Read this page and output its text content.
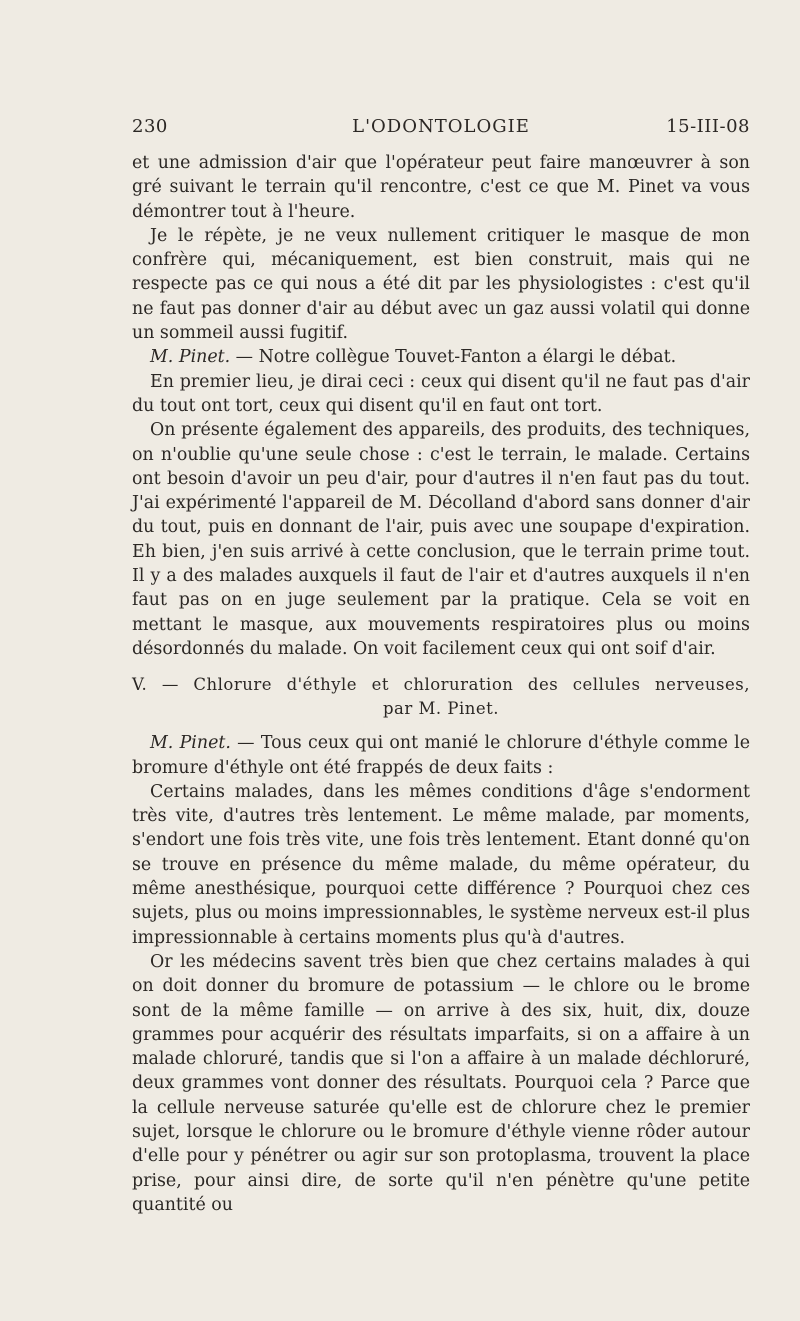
230	L'ODONTOLOGIE	15-III-08

et une admission d'air que l'opérateur peut faire manœuvrer à son gré suivant le terrain qu'il rencontre, c'est ce que M. Pinet va vous démontrer tout à l'heure.

Je le répète, je ne veux nullement critiquer le masque de mon confrère qui, mécaniquement, est bien construit, mais qui ne respecte pas ce qui nous a été dit par les physiologistes : c'est qu'il ne faut pas donner d'air au début avec un gaz aussi volatil qui donne un sommeil aussi fugitif.

M. Pinet. — Notre collègue Touvet-Fanton a élargi le débat.

En premier lieu, je dirai ceci : ceux qui disent qu'il ne faut pas d'air du tout ont tort, ceux qui disent qu'il en faut ont tort.

On présente également des appareils, des produits, des techniques, on n'oublie qu'une seule chose : c'est le terrain, le malade. Certains ont besoin d'avoir un peu d'air, pour d'autres il n'en faut pas du tout. J'ai expérimenté l'appareil de M. Décolland d'abord sans donner d'air du tout, puis en donnant de l'air, puis avec une soupape d'expiration. Eh bien, j'en suis arrivé à cette conclusion, que le terrain prime tout. Il y a des malades auxquels il faut de l'air et d'autres auxquels il n'en faut pas on en juge seulement par la pratique. Cela se voit en mettant le masque, aux mouvements respiratoires plus ou moins désordonnés du malade. On voit facilement ceux qui ont soif d'air.

V. — Chlorure d'éthyle et chloruration des cellules nerveuses,
par M. Pinet.

M. Pinet. — Tous ceux qui ont manié le chlorure d'éthyle comme le bromure d'éthyle ont été frappés de deux faits :

Certains malades, dans les mêmes conditions d'âge s'endorment très vite, d'autres très lentement. Le même malade, par moments, s'endort une fois très vite, une fois très lentement. Etant donné qu'on se trouve en présence du même malade, du même opérateur, du même anesthésique, pourquoi cette différence ? Pourquoi chez ces sujets, plus ou moins impressionnables, le système nerveux est-il plus impressionnable à certains moments plus qu'à d'autres.

Or les médecins savent très bien que chez certains malades à qui on doit donner du bromure de potassium — le chlore ou le brome sont de la même famille — on arrive à des six, huit, dix, douze grammes pour acquérir des résultats imparfaits, si on a affaire à un malade chloruré, tandis que si l'on a affaire à un malade déchloruré, deux grammes vont donner des résultats. Pourquoi cela ? Parce que la cellule nerveuse saturée qu'elle est de chlorure chez le premier sujet, lorsque le chlorure ou le bromure d'éthyle vienne rôder autour d'elle pour y pénétrer ou agir sur son protoplasma, trouvent la place prise, pour ainsi dire, de sorte qu'il n'en pénètre qu'une petite quantité ou
